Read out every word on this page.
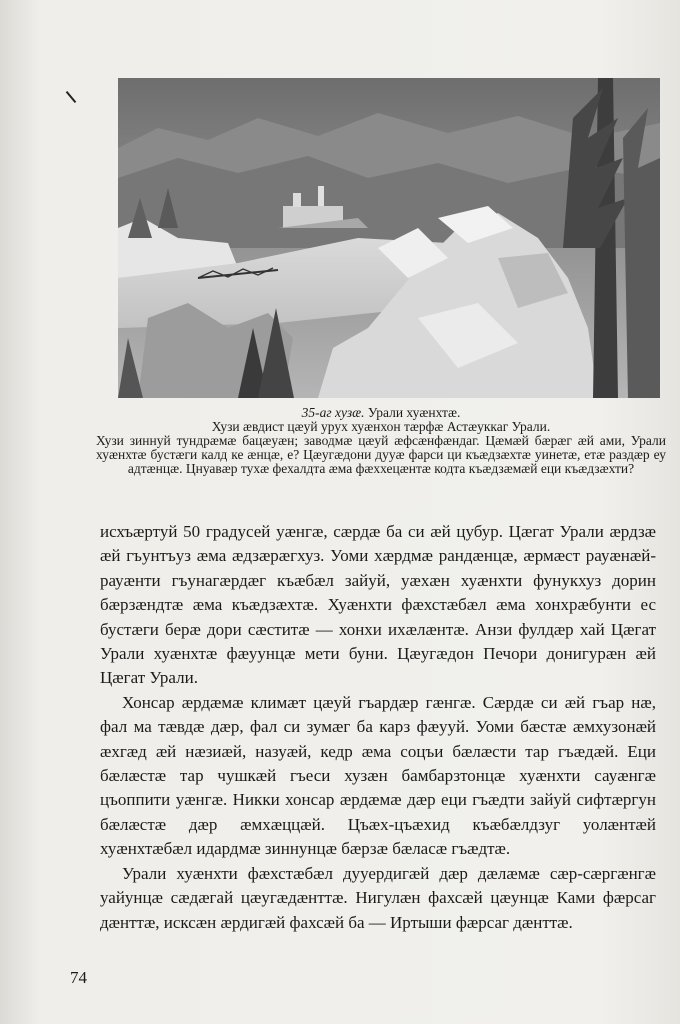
35-аг хузæ. Урали хуæнхтæ.

Хузи æвдист цæуй урух хуæнхон тæрфæ Астæуккаг Урали.

Хузи зиннуй тундрæмæ бацæуæн; заводмæ цæуй æфсæнфæндаг. Цæмæй бæрæг æй ами, Урали хуæнхтæ бустæги калд ке æнцæ, е? Цæугæдони дууæ фарси ци къæдзæхтæ уинетæ, етæ раздæр еу адтæнцæ. Цнуавæр тухæ фехалдта æма фæххецæнтæ кодта къæдзæмæй еци къæдзæхти?

исхъæртуй 50 градусей уæнгæ, сæрдæ ба си æй цубур. Цæгат Урали æрдзæ æй гъунтъуз æма æдзæрæгхуз. Уоми хæрдмæ рандæнцæ, æрмæст рауæнæй-рауæнти гъунагæрдæг къæбæл зайуй, уæхæн хуæнхти фунукхуз дорин бæрзæндтæ æма къæдзæхтæ. Хуæнхти фæхстæбæл æма хонхрæбунти ес бустæги берæ дори сæститæ — хонхи ихæлæнтæ. Анзи фулдæр хай Цæгат Урали хуæнхтæ фæуунцæ мети буни. Цæугæдон Печори донигурæн æй Цæгат Урали.

Хонсар æрдæмæ климæт цæуй гъардæр гæнгæ. Сæрдæ си æй гъар нæ, фал ма тæвдæ дæр, фал си зумæг ба карз фæууй. Уоми бæстæ æмхузонæй æхгæд æй нæзиæй, назуæй, кедр æма соцъи бæлæсти тар гъæдæй. Еци бæлæстæ тар чушкæй гъеси хузæн бамбарзтонцæ хуæнхти сауæнгæ цъоппити уæнгæ. Никки хонсар æрдæмæ дæр еци гъæдти зайуй сифтæргун бæлæстæ дæр æмхæццæй. Цъæх-цъæхид къæбæлдзуг уолæнтæй хуæнхтæбæл идардмæ зиннунцæ бæрзæ бæласæ гъæдтæ.

Урали хуæнхти фæхстæбæл дууердигæй дæр дæлæмæ сæр-сæргæнгæ уайунцæ сæдæгай цæугæдæнттæ. Нигулæн фахсæй цæунцæ Ками фæрсаг дæнттæ, исксæн æрдигæй фахсæй ба — Иртыши фæрсаг дæнттæ.

74
